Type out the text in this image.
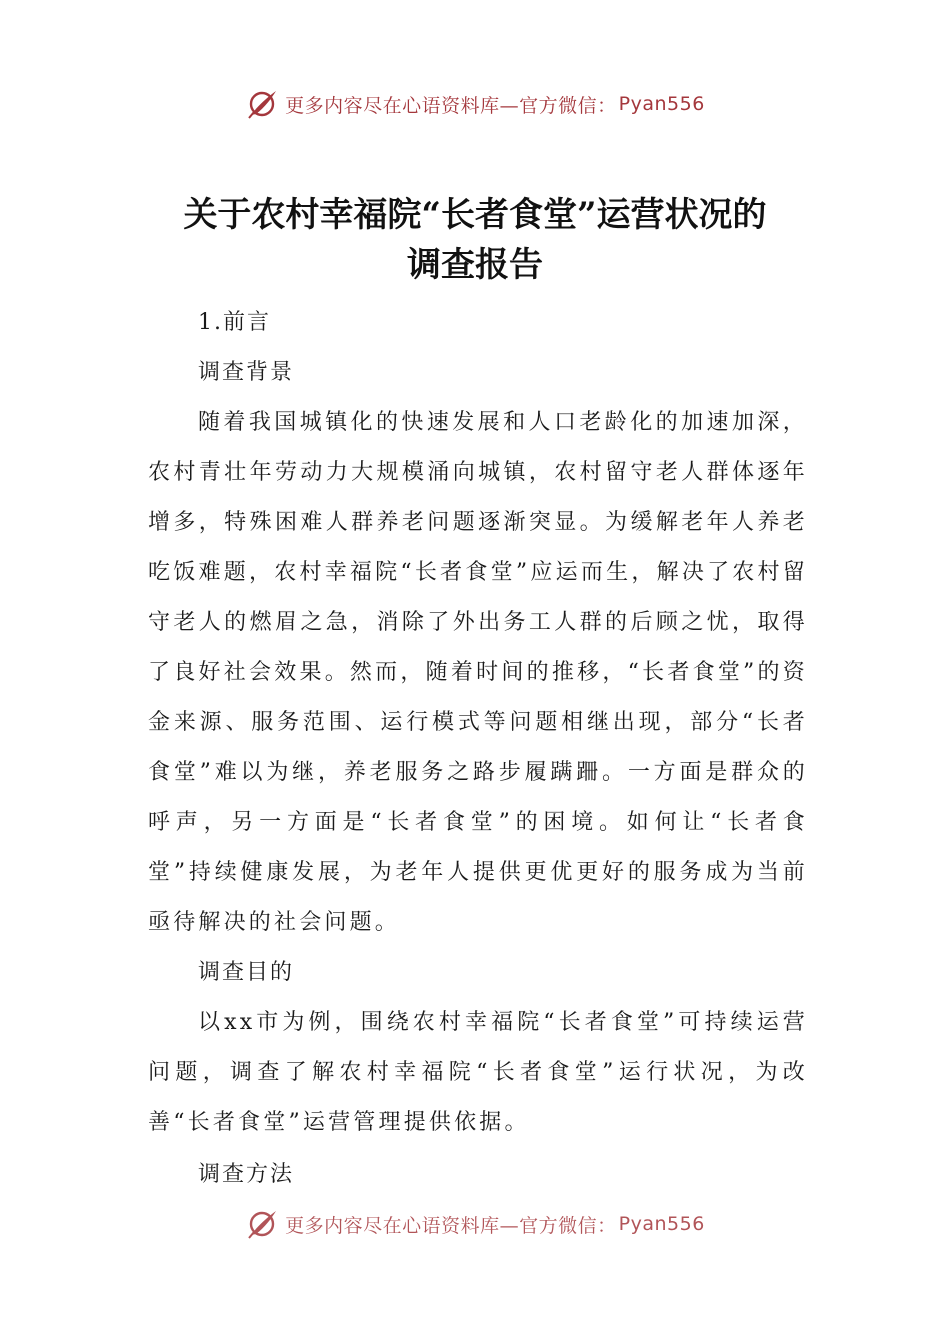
更多内容尽在心语资料库—官方微信： Pyan556
关于农村幸福院“长者食堂”运营状况的
调查报告

1.前言

调查背景

随着我国城镇化的快速发展和人口老龄化的加速加深，农村青壮年劳动力大规模涌向城镇，农村留守老人群体逐年增多，特殊困难人群养老问题逐渐突显。为缓解老年人养老吃饭难题，农村幸福院“长者食堂”应运而生，解决了农村留守老人的燃眉之急，消除了外出务工人群的后顾之忧，取得了良好社会效果。然而，随着时间的推移，“长者食堂”的资金来源、服务范围、运行模式等问题相继出现，部分“长者食堂”难以为继，养老服务之路步履蹒跚。一方面是群众的呼声，另一方面是“长者食堂”的困境。如何让“长者食堂”持续健康发展，为老年人提供更优更好的服务成为当前亟待解决的社会问题。

调查目的

以xx市为例，围绕农村幸福院“长者食堂”可持续运营问题，调查了解农村幸福院“长者食堂”运行状况，为改善“长者食堂”运营管理提供依据。

调查方法

更多内容尽在心语资料库—官方微信： Pyan556
